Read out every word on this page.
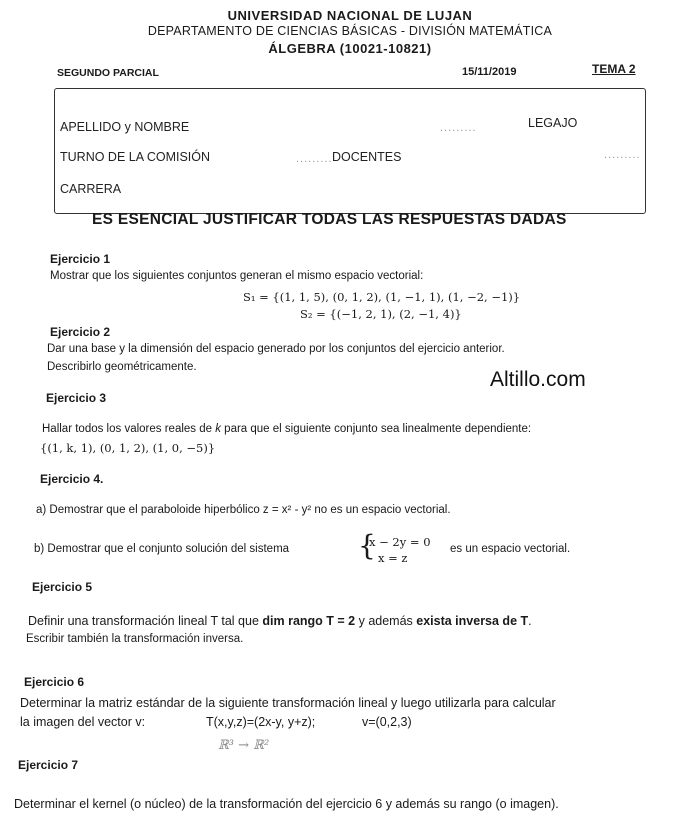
UNIVERSIDAD NACIONAL DE LUJAN
DEPARTAMENTO DE CIENCIAS BÁSICAS - DIVISIÓN MATEMÁTICA
ÁLGEBRA (10021-10821)
SEGUNDO PARCIAL	15/11/2019	TEMA 2
APELLIDO y NOMBRE	.........	LEGAJO
TURNO DE LA COMISIÓN	......... DOCENTES	.........
CARRERA
ES ESENCIAL JUSTIFICAR TODAS LAS RESPUESTAS DADAS
Ejercicio 1
Mostrar que los siguientes conjuntos generan el mismo espacio vectorial:
S₁ = {(1, 1, 5), (0, 1, 2), (1, −1, 1), (1, −2, −1)}
S₂ = {(−1, 2, 1), (2, −1, 4)}
Ejercicio 2
Dar una base y la dimensión del espacio generado por los conjuntos del ejercicio anterior.
Describirlo geométricamente.
Altillo.com
Ejercicio 3
Hallar todos los valores reales de k para que el siguiente conjunto sea linealmente dependiente:
{(1, k, 1), (0, 1, 2), (1, 0, −5)}
Ejercicio 4.
a) Demostrar que el paraboloide hiperbólico z = x² - y² no es un espacio vectorial.
b) Demostrar que el conjunto solución del sistema {
x − 2y = 0
x = z
es un espacio vectorial.
Ejercicio 5
Definir una transformación lineal T tal que dim rango T = 2 y además exista inversa de T.
Escribir también la transformación inversa.
Ejercicio 6
Determinar la matriz estándar de la siguiente transformación lineal y luego utilizarla para calcular
la imagen del vector v:	T(x,y,z)=(2x-y, y+z);	v=(0,2,3)
ℝ³ → ℝ²
Ejercicio 7
Determinar el kernel (o núcleo) de la transformación del ejercicio 6 y además su rango (o imagen).
